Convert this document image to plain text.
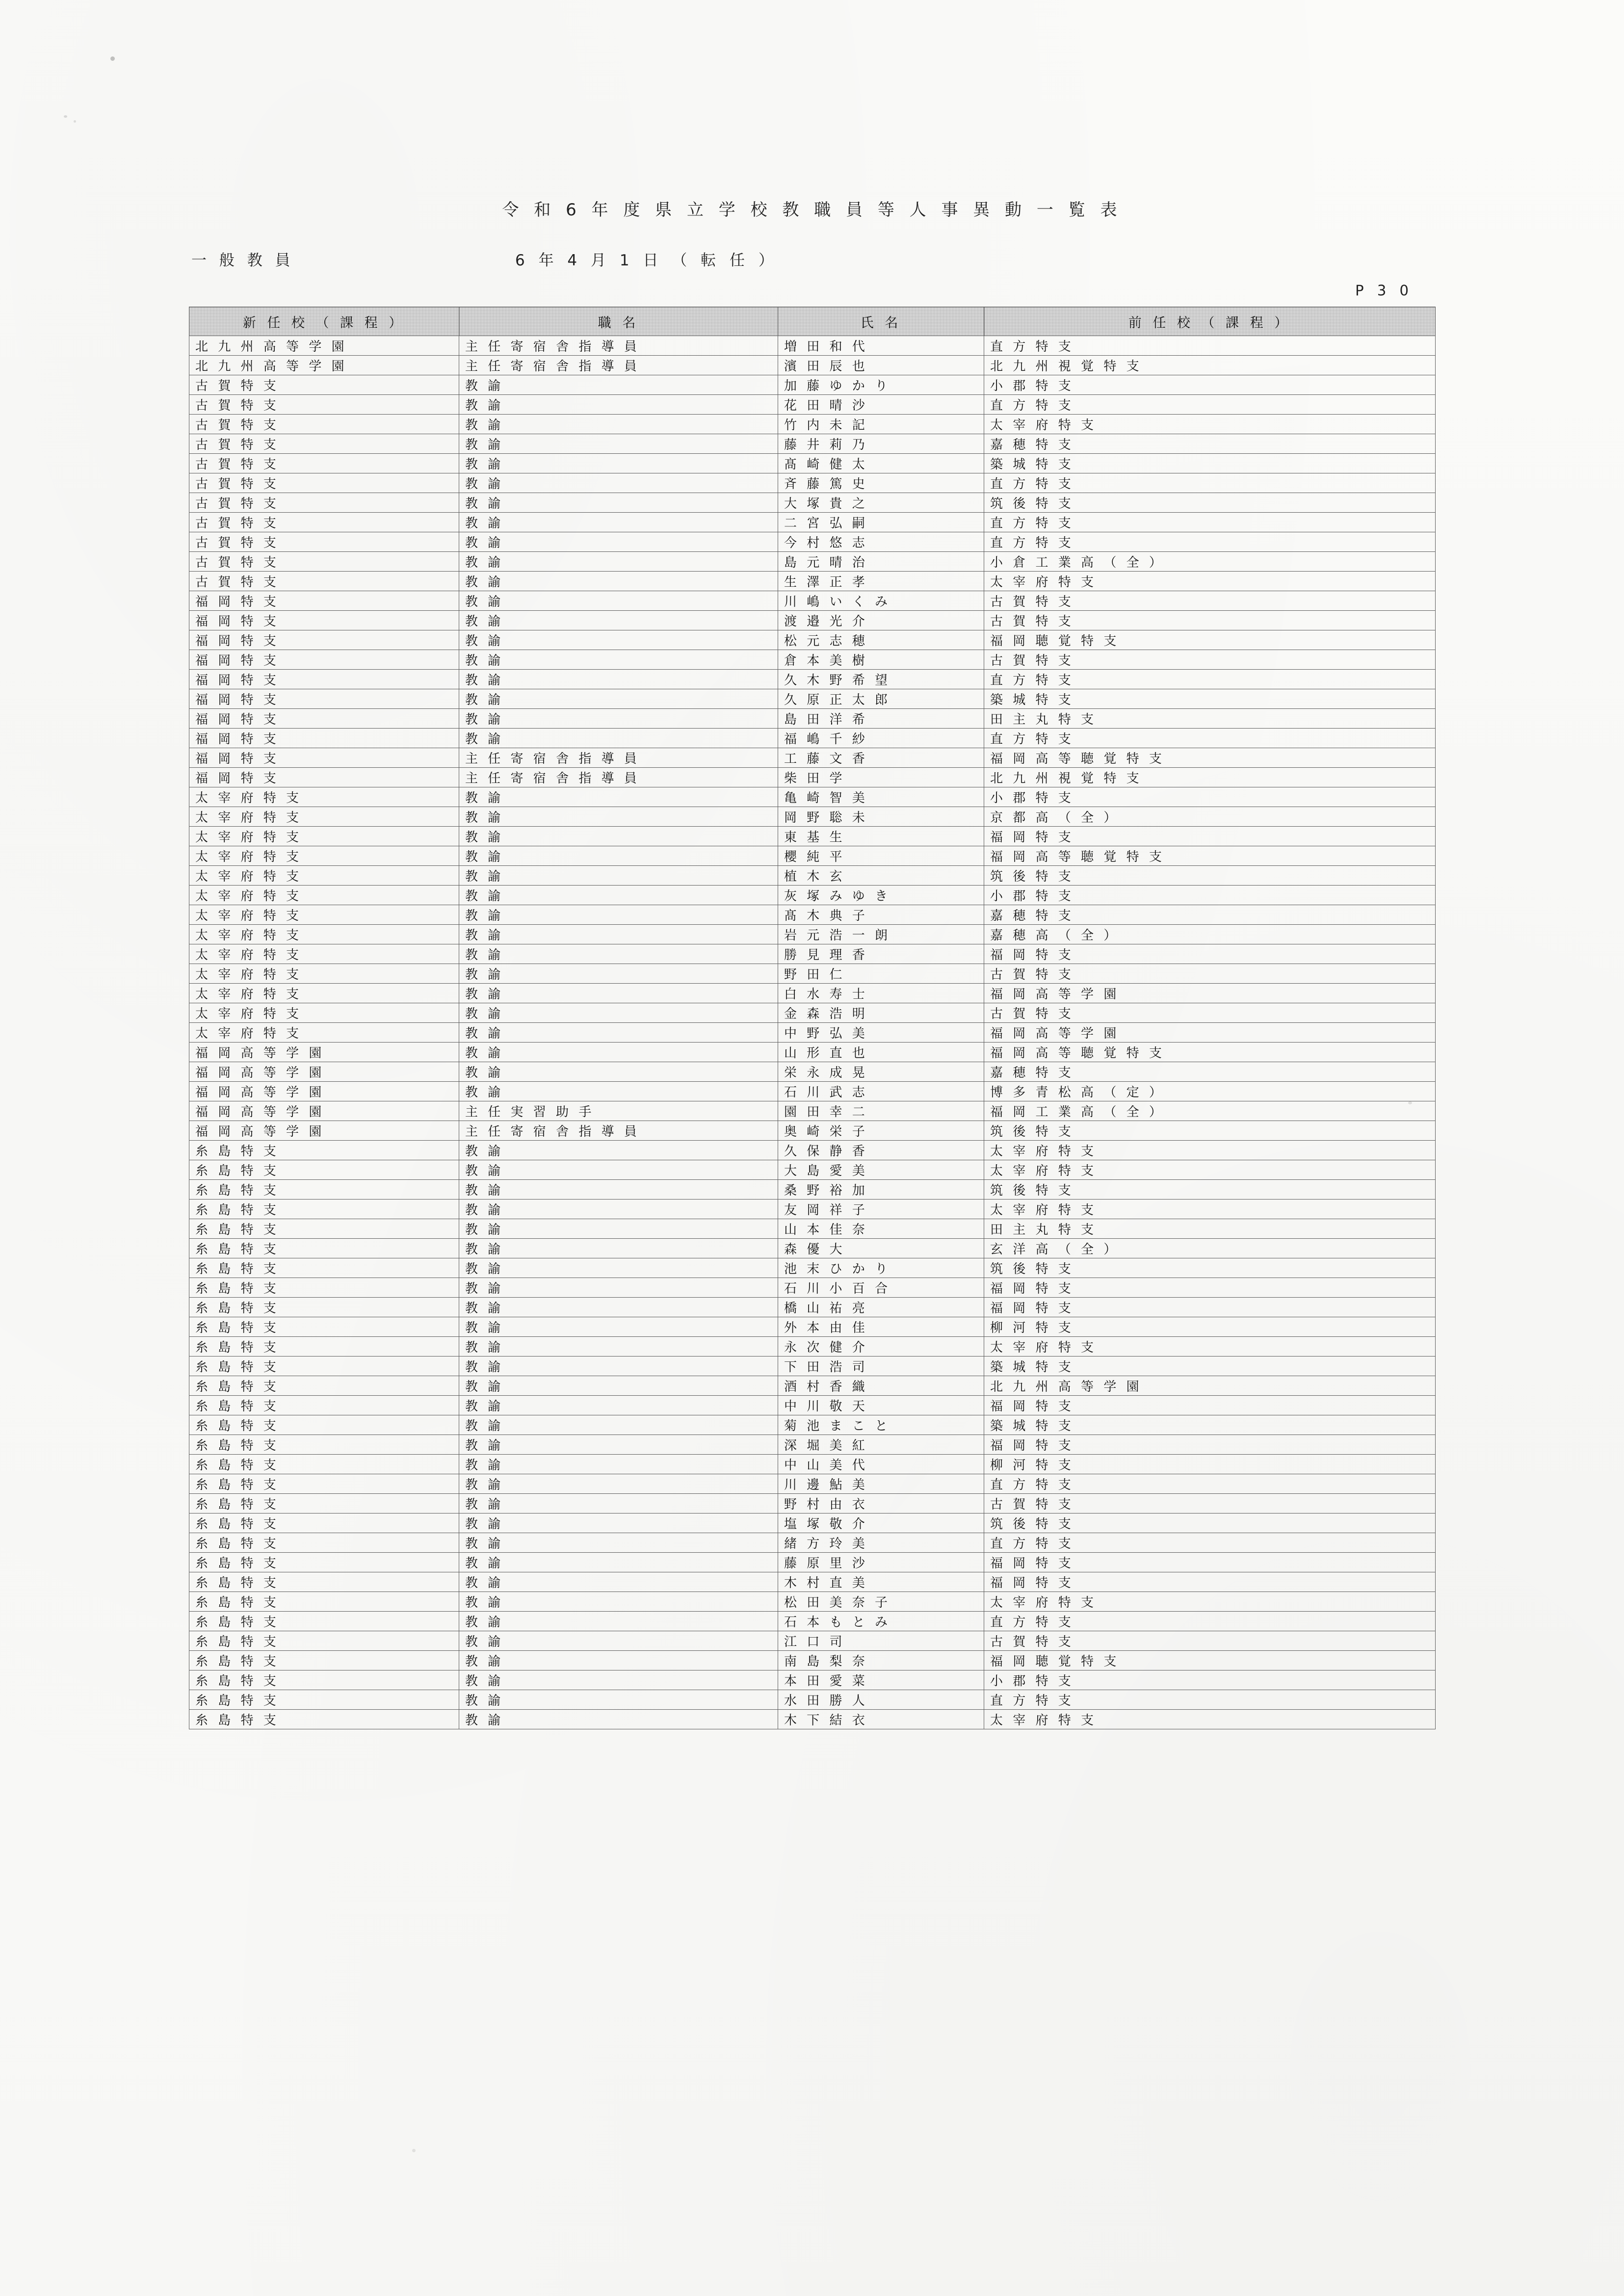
令 和 6 年 度 県 立 学 校 教 職 員 等 人 事 異 動 一 覧 表
一 般 教 員	6 年 4 月 1 日 （ 転 任 ）
P 3 0
新 任 校 （ 課 程 ）	職 名	氏 名	前 任 校 （ 課 程 ）
北 九 州 高 等 学 園	主 任 寄 宿 舎 指 導 員	増 田 和 代	直 方 特 支
北 九 州 高 等 学 園	主 任 寄 宿 舎 指 導 員	濱 田 辰 也	北 九 州 視 覚 特 支
古 賀 特 支	教 諭	加 藤 ゆ か り	小 郡 特 支
古 賀 特 支	教 諭	花 田 晴 沙	直 方 特 支
古 賀 特 支	教 諭	竹 内 未 記	太 宰 府 特 支
古 賀 特 支	教 諭	藤 井 莉 乃	嘉 穂 特 支
古 賀 特 支	教 諭	髙 崎 健 太	築 城 特 支
古 賀 特 支	教 諭	斉 藤 篤 史	直 方 特 支
古 賀 特 支	教 諭	大 塚 貴 之	筑 後 特 支
古 賀 特 支	教 諭	二 宮 弘 嗣	直 方 特 支
古 賀 特 支	教 諭	今 村 悠 志	直 方 特 支
古 賀 特 支	教 諭	島 元 晴 治	小 倉 工 業 高 （ 全 ）
古 賀 特 支	教 諭	生 澤 正 孝	太 宰 府 特 支
福 岡 特 支	教 諭	川 嶋 い く み	古 賀 特 支
福 岡 特 支	教 諭	渡 邉 光 介	古 賀 特 支
福 岡 特 支	教 諭	松 元 志 穂	福 岡 聴 覚 特 支
福 岡 特 支	教 諭	倉 本 美 樹	古 賀 特 支
福 岡 特 支	教 諭	久 木 野 希 望	直 方 特 支
福 岡 特 支	教 諭	久 原 正 太 郎	築 城 特 支
福 岡 特 支	教 諭	島 田 洋 希	田 主 丸 特 支
福 岡 特 支	教 諭	福 嶋 千 紗	直 方 特 支
福 岡 特 支	主 任 寄 宿 舎 指 導 員	工 藤 文 香	福 岡 高 等 聴 覚 特 支
福 岡 特 支	主 任 寄 宿 舎 指 導 員	柴 田 学	北 九 州 視 覚 特 支
太 宰 府 特 支	教 諭	亀 崎 智 美	小 郡 特 支
太 宰 府 特 支	教 諭	岡 野 聡 未	京 都 高 （ 全 ）
太 宰 府 特 支	教 諭	東 基 生	福 岡 特 支
太 宰 府 特 支	教 諭	櫻 純 平	福 岡 高 等 聴 覚 特 支
太 宰 府 特 支	教 諭	植 木 玄	筑 後 特 支
太 宰 府 特 支	教 諭	灰 塚 み ゆ き	小 郡 特 支
太 宰 府 特 支	教 諭	髙 木 典 子	嘉 穂 特 支
太 宰 府 特 支	教 諭	岩 元 浩 一 朗	嘉 穂 高 （ 全 ）
太 宰 府 特 支	教 諭	勝 見 理 香	福 岡 特 支
太 宰 府 特 支	教 諭	野 田 仁	古 賀 特 支
太 宰 府 特 支	教 諭	白 水 寿 士	福 岡 高 等 学 園
太 宰 府 特 支	教 諭	金 森 浩 明	古 賀 特 支
太 宰 府 特 支	教 諭	中 野 弘 美	福 岡 高 等 学 園
福 岡 高 等 学 園	教 諭	山 形 直 也	福 岡 高 等 聴 覚 特 支
福 岡 高 等 学 園	教 諭	栄 永 成 晃	嘉 穂 特 支
福 岡 高 等 学 園	教 諭	石 川 武 志	博 多 青 松 高 （ 定 ）
福 岡 高 等 学 園	主 任 実 習 助 手	園 田 幸 二	福 岡 工 業 高 （ 全 ）
福 岡 高 等 学 園	主 任 寄 宿 舎 指 導 員	奥 崎 栄 子	筑 後 特 支
糸 島 特 支	教 諭	久 保 静 香	太 宰 府 特 支
糸 島 特 支	教 諭	大 島 愛 美	太 宰 府 特 支
糸 島 特 支	教 諭	桑 野 裕 加	筑 後 特 支
糸 島 特 支	教 諭	友 岡 祥 子	太 宰 府 特 支
糸 島 特 支	教 諭	山 本 佳 奈	田 主 丸 特 支
糸 島 特 支	教 諭	森 優 大	玄 洋 高 （ 全 ）
糸 島 特 支	教 諭	池 末 ひ か り	筑 後 特 支
糸 島 特 支	教 諭	石 川 小 百 合	福 岡 特 支
糸 島 特 支	教 諭	橋 山 祐 亮	福 岡 特 支
糸 島 特 支	教 諭	外 本 由 佳	柳 河 特 支
糸 島 特 支	教 諭	永 次 健 介	太 宰 府 特 支
糸 島 特 支	教 諭	下 田 浩 司	築 城 特 支
糸 島 特 支	教 諭	酒 村 香 織	北 九 州 高 等 学 園
糸 島 特 支	教 諭	中 川 敬 天	福 岡 特 支
糸 島 特 支	教 諭	菊 池 ま こ と	築 城 特 支
糸 島 特 支	教 諭	深 堀 美 紅	福 岡 特 支
糸 島 特 支	教 諭	中 山 美 代	柳 河 特 支
糸 島 特 支	教 諭	川 邊 鮎 美	直 方 特 支
糸 島 特 支	教 諭	野 村 由 衣	古 賀 特 支
糸 島 特 支	教 諭	塩 塚 敬 介	筑 後 特 支
糸 島 特 支	教 諭	緒 方 玲 美	直 方 特 支
糸 島 特 支	教 諭	藤 原 里 沙	福 岡 特 支
糸 島 特 支	教 諭	木 村 直 美	福 岡 特 支
糸 島 特 支	教 諭	松 田 美 奈 子	太 宰 府 特 支
糸 島 特 支	教 諭	石 本 も と み	直 方 特 支
糸 島 特 支	教 諭	江 口 司	古 賀 特 支
糸 島 特 支	教 諭	南 島 梨 奈	福 岡 聴 覚 特 支
糸 島 特 支	教 諭	本 田 愛 菜	小 郡 特 支
糸 島 特 支	教 諭	水 田 勝 人	直 方 特 支
糸 島 特 支	教 諭	木 下 結 衣	太 宰 府 特 支
